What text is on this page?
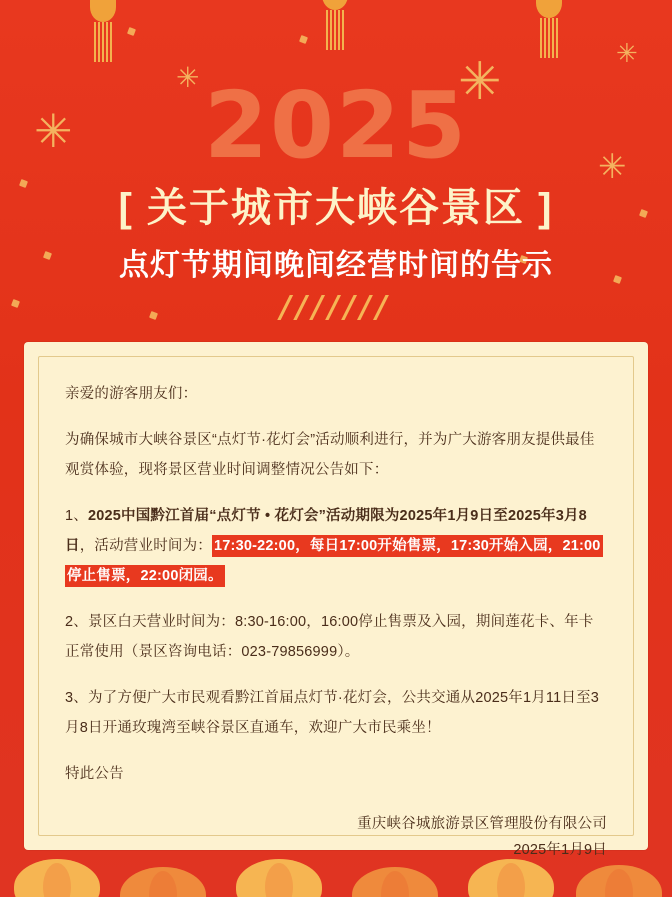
✳
✳	✳
✳
✳
2025
[ 关于城市大峡谷景区 ]
点灯节期间晚间经营时间的告示
///////

亲爱的游客朋友们：

为确保城市大峡谷景区“点灯节·花灯会”活动顺利进行，并为广大游客朋友提供最佳观赏体验，现将景区营业时间调整情况公告如下：

1、2025中国黔江首届“点灯节 • 花灯会”活动期限为2025年1月9日至2025年3月8日，活动营业时间为： 17:30-22:00，每日17:00开始售票，17:30开始入园，21:00停止售票，22:00闭园。

2、景区白天营业时间为：8:30-16:00，16:00停止售票及入园，期间莲花卡、年卡正常使用（景区咨询电话：023-79856999）。

3、为了方便广大市民观看黔江首届点灯节·花灯会，公共交通从2025年1月11日至3月8日开通玫瑰湾至峡谷景区直通车，欢迎广大市民乘坐！

特此公告

重庆峡谷城旅游景区管理股份有限公司
2025年1月9日
